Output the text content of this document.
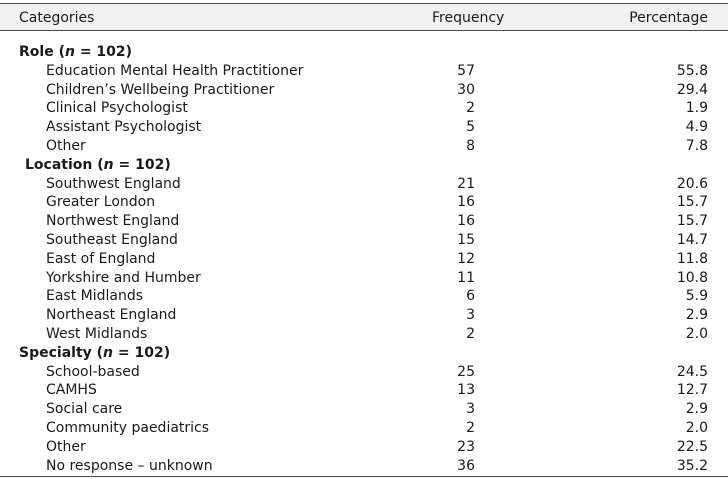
Categories	Frequency	Percentage
Role (n = 102)
Education Mental Health Practitioner	57	55.8
Children’s Wellbeing Practitioner	30	29.4
Clinical Psychologist	2	1.9
Assistant Psychologist	5	4.9
Other	8	7.8
Location (n = 102)
Southwest England	21	20.6
Greater London	16	15.7
Northwest England	16	15.7
Southeast England	15	14.7
East of England	12	11.8
Yorkshire and Humber	11	10.8
East Midlands	6	5.9
Northeast England	3	2.9
West Midlands	2	2.0
Specialty (n = 102)
School-based	25	24.5
CAMHS	13	12.7
Social care	3	2.9
Community paediatrics	2	2.0
Other	23	22.5
No response – unknown	36	35.2
